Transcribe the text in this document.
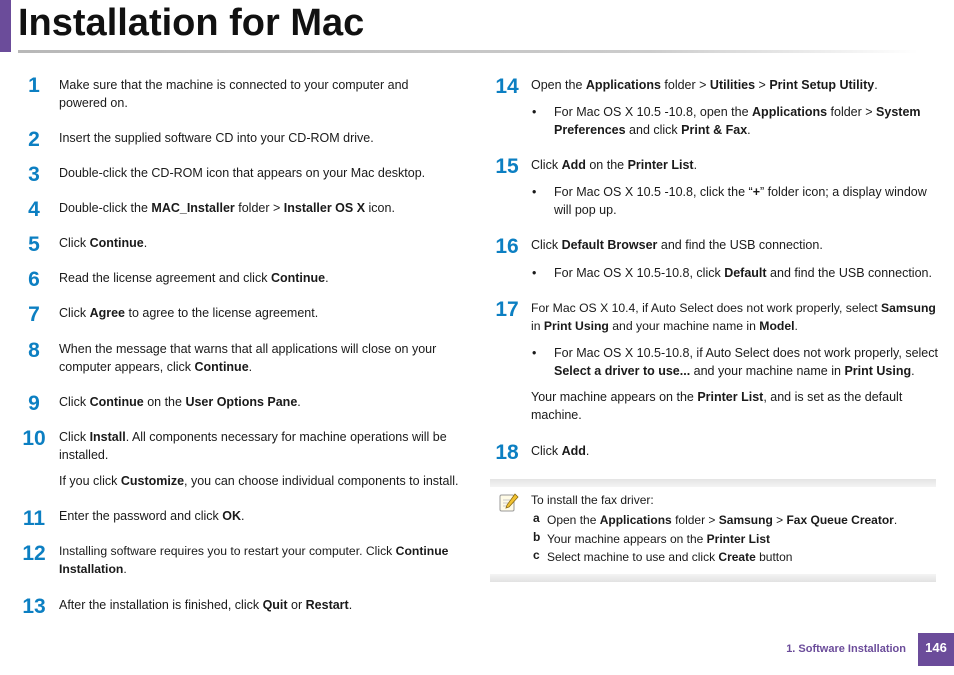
Installation for Mac
1	Make sure that the machine is connected to your computer and
powered on.
2	Insert the supplied software CD into your CD-ROM drive.
3	Double-click the CD-ROM icon that appears on your Mac desktop.
4	Double-click the MAC_Installer folder > Installer OS X icon.
5	Click Continue.
6	Read the license agreement and click Continue.
7	Click Agree to agree to the license agreement.
8	When the message that warns that all applications will close on your
computer appears, click Continue.
9	Click Continue on the User Options Pane.
10	Click Install. All components necessary for machine operations will be
installed.
If you click Customize, you can choose individual components to install.
11	Enter the password and click OK.
12	Installing software requires you to restart your computer. Click Continue
Installation.
13	After the installation is finished, click Quit or Restart.
14 Open the Applications folder > Utilities > Print Setup Utility.
• For Mac OS X 10.5 -10.8, open the Applications folder > System
Preferences and click Print & Fax.
15 Click Add on the Printer List.
• For Mac OS X 10.5 -10.8, click the “+” folder icon; a display window
will pop up.
16 Click Default Browser and find the USB connection.
• For Mac OS X 10.5-10.8, click Default and find the USB connection.
17	For Mac OS X 10.4, if Auto Select does not work properly, select Samsung
in Print Using and your machine name in Model.
• For Mac OS X 10.5-10.8, if Auto Select does not work properly, select
Select a driver to use... and your machine name in Print Using.
Your machine appears on the Printer List, and is set as the default
machine.
18 Click Add.
To install the fax driver:
a Open the Applications folder > Samsung > Fax Queue Creator.
b Your machine appears on the Printer List
c Select machine to use and click Create button
1. Software Installation	146
